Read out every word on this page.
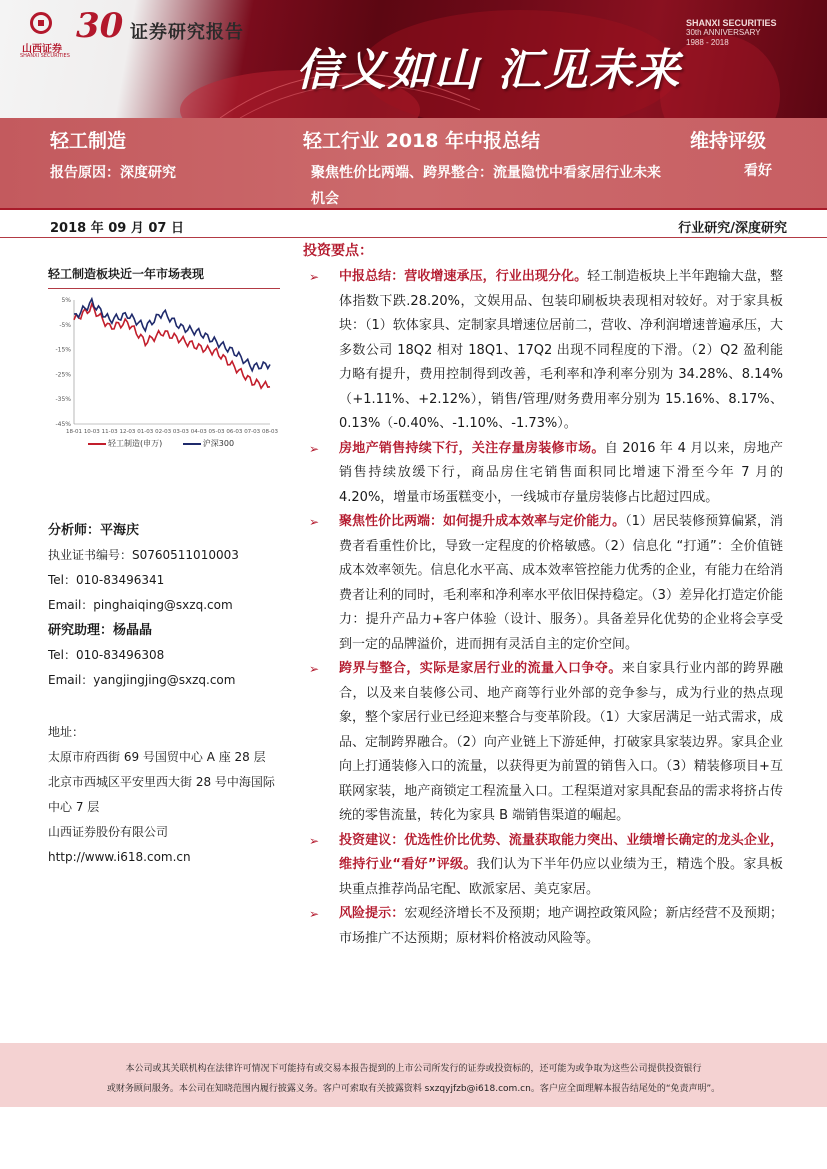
山西证券
SHANXI SECURITIES
30 证券研究报告	SHANXI SECURITIES
30th ANNIVERSARY
1988 - 2018
信义如山 汇见未来
轻工制造	轻工行业 2018 年中报总结	维持评级
报告原因：深度研究	聚焦性价比两端、跨界整合：流量隐忧中看家居行业未来机会
看好
2018 年 09 月 07 日	行业研究/深度研究
轻工制造板块近一年市场表现
5%
-5%
-15%
-25%
-35%
-45%
18-01 10-03 11-03 12-03 01-03 02-03 03-03 04-03 05-03 06-03 07-03 08-03
轻工制造(申万)	沪深300
分析师：平海庆
执业证书编号：S0760511010003
Tel：010-83496341
Email：pinghaiqing@sxzq.com
研究助理：杨晶晶
Tel：010-83496308
Email：yangjingjing@sxzq.com
地址：
太原市府西街 69 号国贸中心 A 座 28 层
北京市西城区平安里西大街 28 号中海国际中心 7 层
山西证券股份有限公司
http://www.i618.com.cn
投资要点：
➢ 中报总结：营收增速承压，行业出现分化。轻工制造板块上半年跑输大盘，整体指数下跌.28.20%，文娱用品、包装印刷板块表现相对较好。对于家具板块：（1）软体家具、定制家具增速位居前二，营收、净利润增速普遍承压，大多数公司 18Q2 相对 18Q1、17Q2 出现不同程度的下滑。（2）Q2 盈利能力略有提升，费用控制得到改善，毛利率和净利率分别为 34.28%、8.14%（+1.11%、+2.12%），销售/管理/财务费用率分别为 15.16%、8.17%、0.13%（-0.40%、-1.10%、-1.73%）。
➢ 房地产销售持续下行，关注存量房装修市场。自 2016 年 4 月以来，房地产销售持续放缓下行，商品房住宅销售面积同比增速下滑至今年 7 月的 4.20%，增量市场蛋糕变小，一线城市存量房装修占比超过四成。
➢ 聚焦性价比两端：如何提升成本效率与定价能力。（1）居民装修预算偏紧，消费者看重性价比，导致一定程度的价格敏感。（2）信息化 “打通”：全价值链成本效率领先。信息化水平高、成本效率管控能力优秀的企业，有能力在给消费者让利的同时，毛利率和净利率水平依旧保持稳定。（3）差异化打造定价能力：提升产品力+客户体验（设计、服务）。具备差异化优势的企业将会享受到一定的品牌溢价，进而拥有灵活自主的定价空间。
➢ 跨界与整合，实际是家居行业的流量入口争夺。来自家具行业内部的跨界融合，以及来自装修公司、地产商等行业外部的竞争参与，成为行业的热点现象，整个家居行业已经迎来整合与变革阶段。（1）大家居满足一站式需求，成品、定制跨界融合。（2）向产业链上下游延伸，打破家具家装边界。家具企业向上打通装修入口的流量，以获得更为前置的销售入口。（3）精装修项目+互联网家装，地产商锁定工程流量入口。工程渠道对家具配套品的需求将挤占传统的零售流量，转化为家具 B 端销售渠道的崛起。
➢ 投资建议：优选性价比优势、流量获取能力突出、业绩增长确定的龙头企业，维持行业“看好”评级。我们认为下半年仍应以业绩为王，精选个股。家具板块重点推荐尚品宅配、欧派家居、美克家居。
➢ 风险提示：宏观经济增长不及预期；地产调控政策风险；新店经营不及预期；市场推广不达预期；原材料价格波动风险等。

本公司或其关联机构在法律许可情况下可能持有或交易本报告提到的上市公司所发行的证券或投资标的，还可能为或争取为这些公司提供投资银行

或财务顾问服务。本公司在知晓范围内履行披露义务。客户可索取有关披露资料 sxzqyjfzb@i618.com.cn。客户应全面理解本报告结尾处的“免责声明”。
